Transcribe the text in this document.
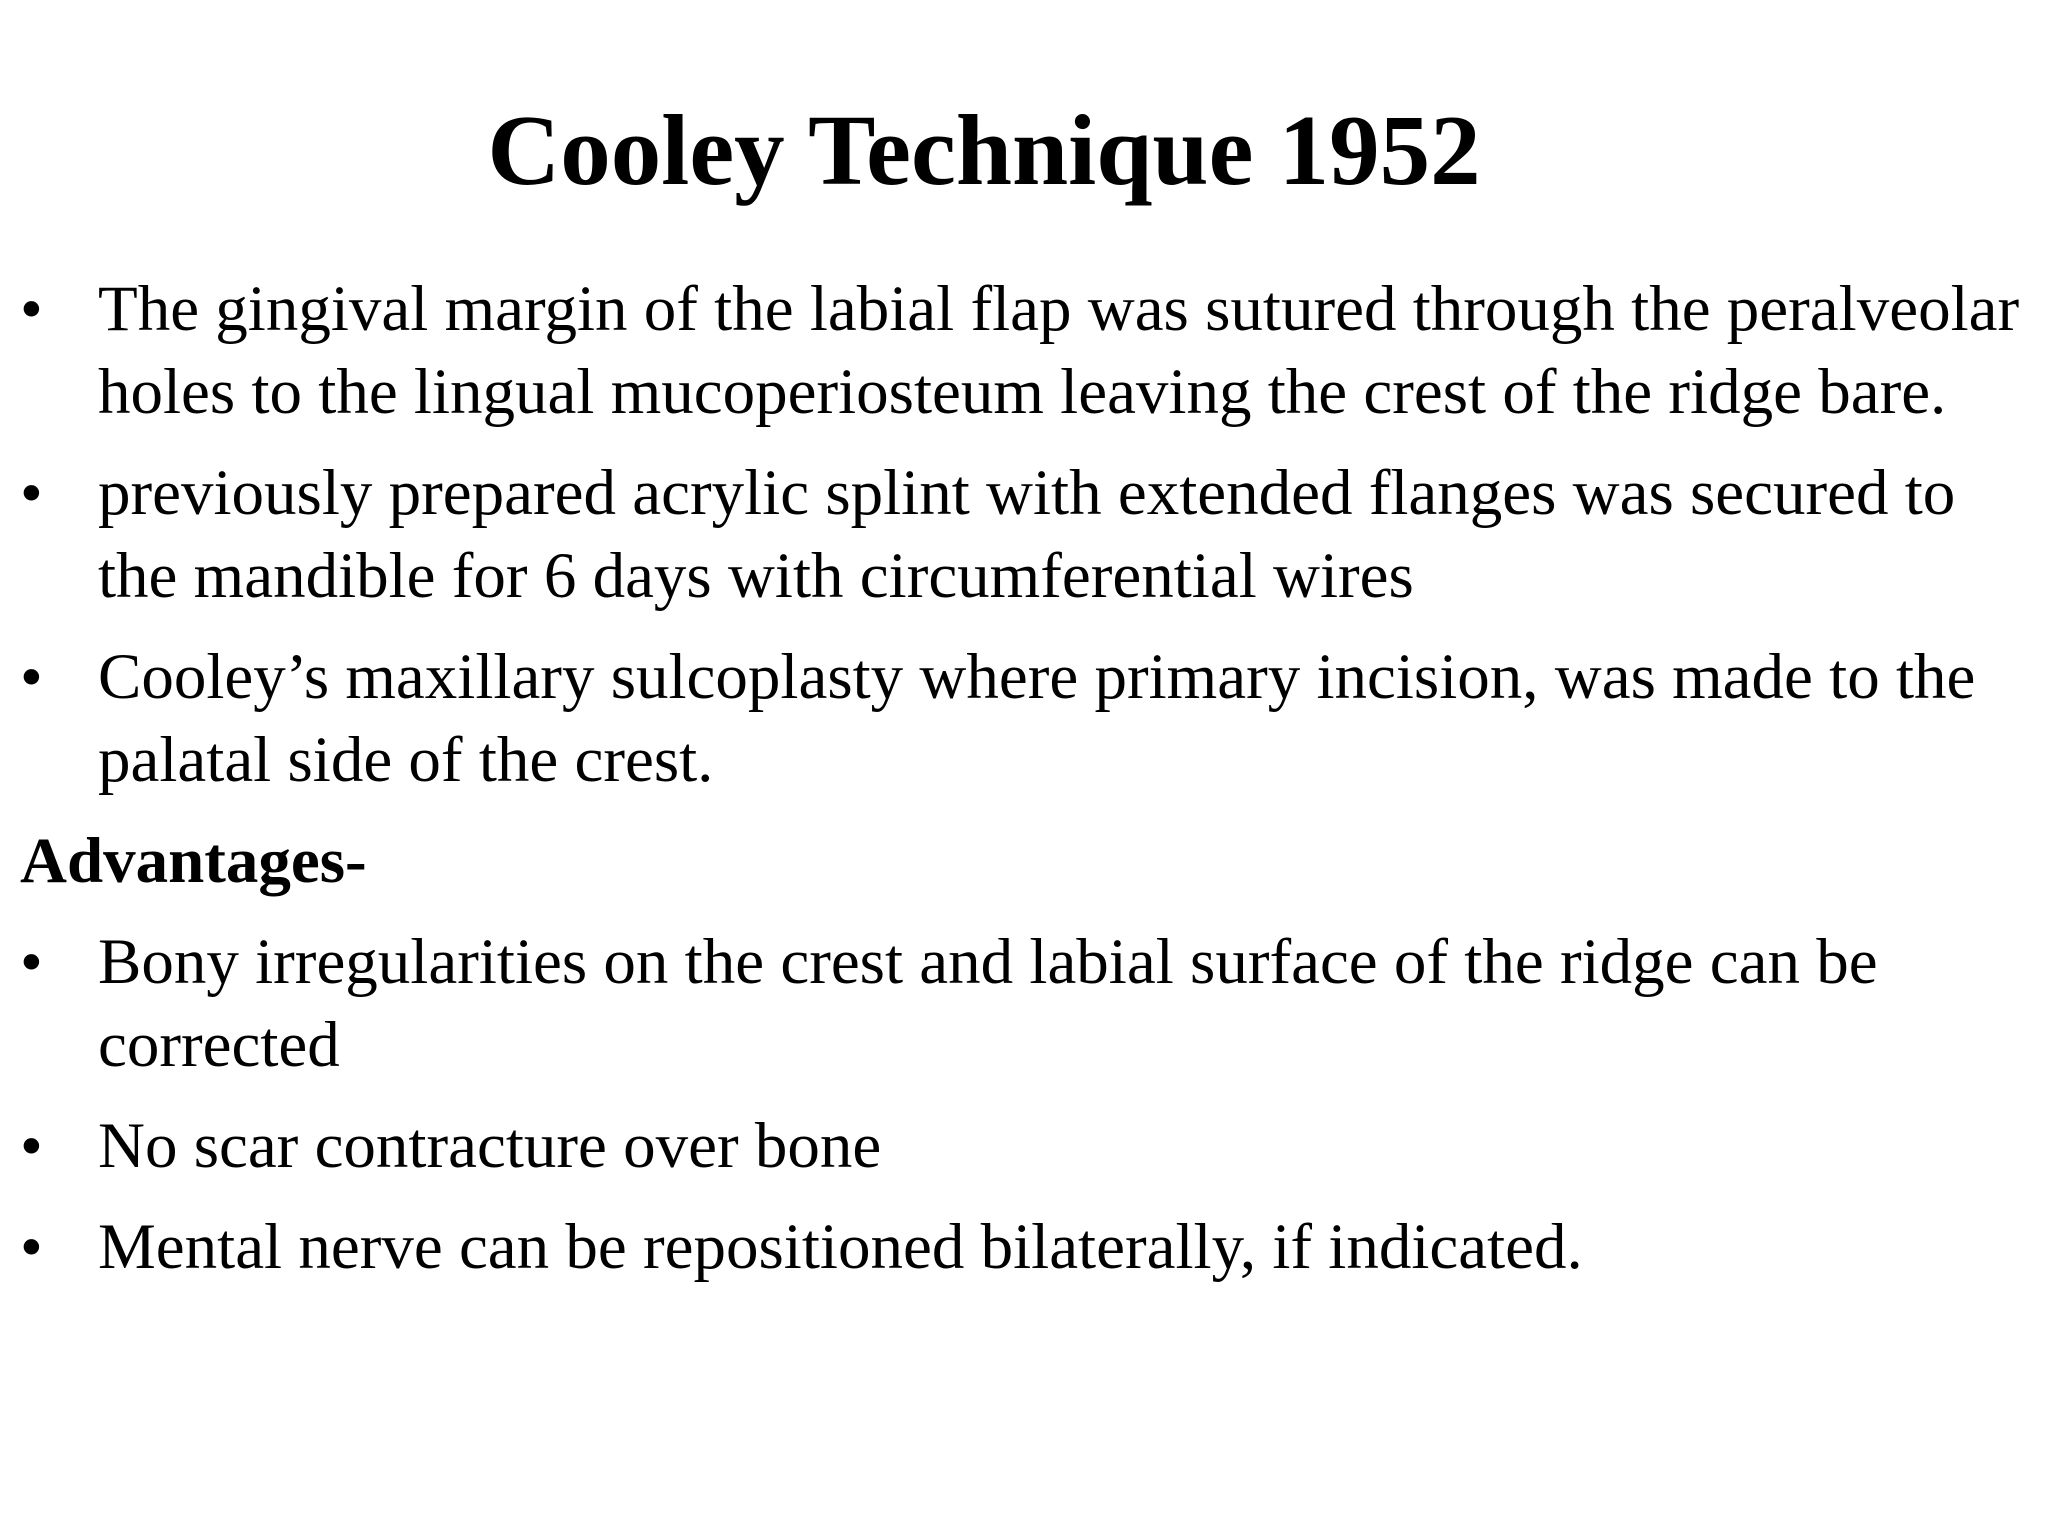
Cooley Technique 1952
• The gingival margin of the labial flap was sutured through the peralveolar holes to the lingual mucoperiosteum leaving the crest of the ridge bare.
• previously prepared acrylic splint with extended flanges was secured to the mandible for 6 days with circumferential wires
• Cooley’s maxillary sulcoplasty where primary incision, was made to the palatal side of the crest.

Advantages-

• Bony irregularities on the crest and labial surface of the ridge can be corrected
• No scar contracture over bone
• Mental nerve can be repositioned bilaterally, if indicated.
